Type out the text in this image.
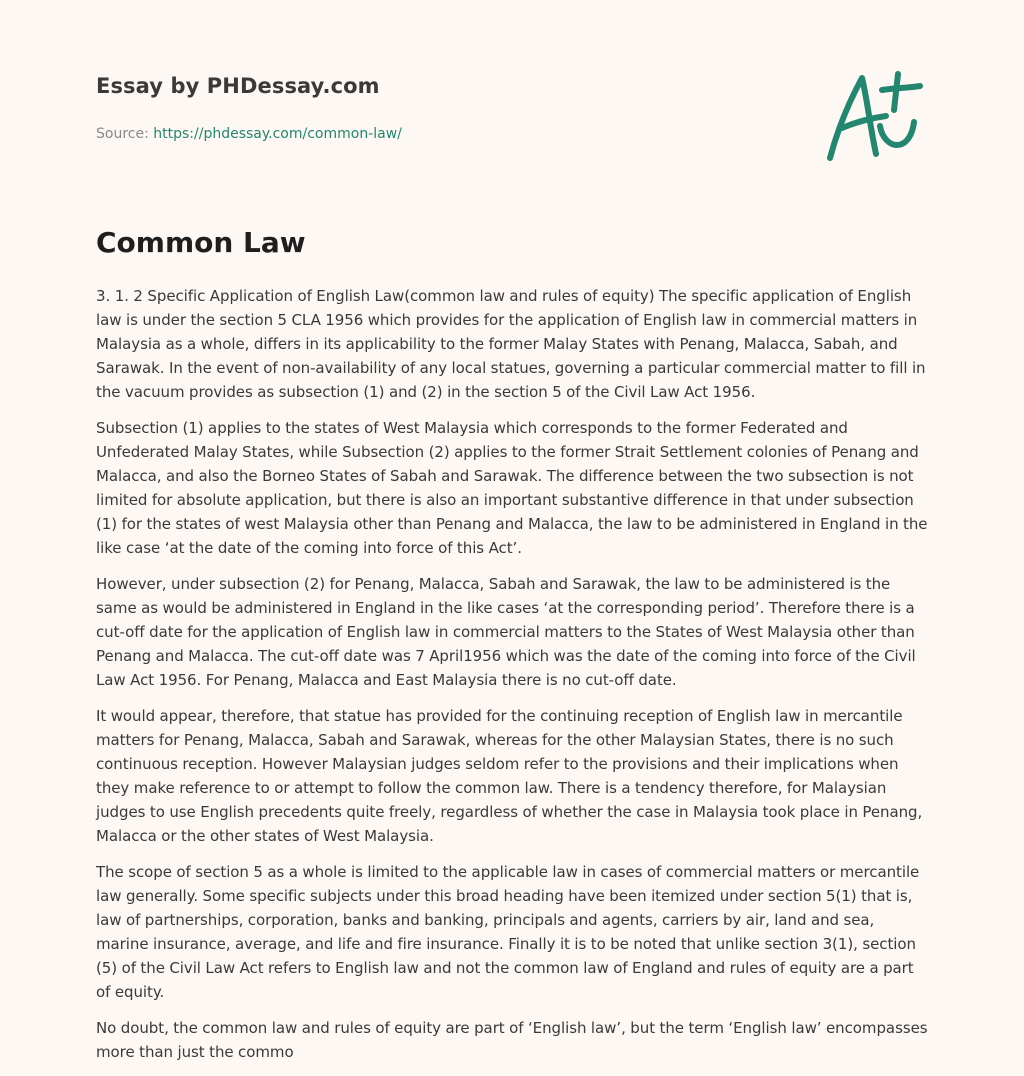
Essay by PHDessay.com

Source: https://phdessay.com/common-law/
Common Law

3. 1. 2 Specific Application of English Law(common law and rules of equity) The specific application of English law is under the section 5 CLA 1956 which provides for the application of English law in commercial matters in Malaysia as a whole, differs in its applicability to the former Malay States with Penang, Malacca, Sabah, and Sarawak. In the event of non-availability of any local statues, governing a particular commercial matter to fill in the vacuum provides as subsection (1) and (2) in the section 5 of the Civil Law Act 1956.

Subsection (1) applies to the states of West Malaysia which corresponds to the former Federated and Unfederated Malay States, while Subsection (2) applies to the former Strait Settlement colonies of Penang and Malacca, and also the Borneo States of Sabah and Sarawak. The difference between the two subsection is not limited for absolute application, but there is also an important substantive difference in that under subsection (1) for the states of west Malaysia other than Penang and Malacca, the law to be administered in England in the like case ‘at the date of the coming into force of this Act’.

However, under subsection (2) for Penang, Malacca, Sabah and Sarawak, the law to be administered is the same as would be administered in England in the like cases ‘at the corresponding period’. Therefore there is a cut-off date for the application of English law in commercial matters to the States of West Malaysia other than Penang and Malacca. The cut-off date was 7 April1956 which was the date of the coming into force of the Civil Law Act 1956. For Penang, Malacca and East Malaysia there is no cut-off date.

It would appear, therefore, that statue has provided for the continuing reception of English law in mercantile matters for Penang, Malacca, Sabah and Sarawak, whereas for the other Malaysian States, there is no such continuous reception. However Malaysian judges seldom refer to the provisions and their implications when they make reference to or attempt to follow the common law. There is a tendency therefore, for Malaysian judges to use English precedents quite freely, regardless of whether the case in Malaysia took place in Penang, Malacca or the other states of West Malaysia.

The scope of section 5 as a whole is limited to the applicable law in cases of commercial matters or mercantile law generally. Some specific subjects under this broad heading have been itemized under section 5(1) that is, law of partnerships, corporation, banks and banking, principals and agents, carriers by air, land and sea, marine insurance, average, and life and fire insurance. Finally it is to be noted that unlike section 3(1), section (5) of the Civil Law Act refers to English law and not the common law of England and rules of equity are a part of equity.

No doubt, the common law and rules of equity are part of ‘English law’, but the term ‘English law’ encompasses more than just the commo
